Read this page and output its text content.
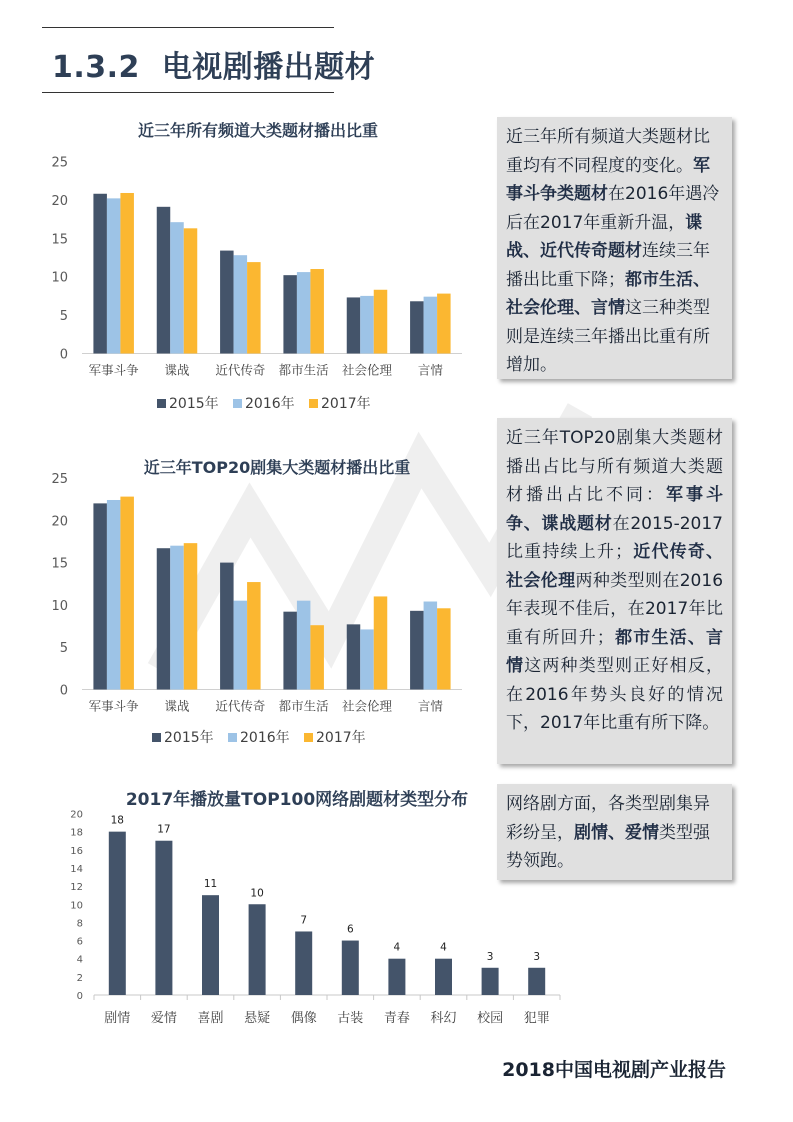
1.3.2 电视剧播出题材
近三年所有频道大类题材播出比重
0
5
10
15
20
25
军事斗争 谍战 近代传奇 都市生活 社会伦理 言情
2015年 2016年 2017年
近三年TOP20剧集大类题材播出比重
0
5
10
15
20
25
军事斗争 谍战 近代传奇 都市生活 社会伦理 言情
2015年 2016年 2017年
2017年播放量TOP100网络剧题材类型分布
0
2
4
6
8
10
12
14
16
18
20	18
剧情
17
爱情
11
喜剧
10
悬疑
7
偶像
6
古装
4
青春
4
科幻
3
校园
3
犯罪
近三年所有频道大类题材比重均有不同程度的变化。军事斗争类题材在2016年遇冷后在2017年重新升温，谍战、近代传奇题材连续三年播出比重下降；都市生活、社会伦理、言情这三种类型则是连续三年播出比重有所增加。
近三年TOP20剧集大类题材播出占比与所有频道大类题材播出占比不同：军事斗争、谍战题材在2015-2017比重持续上升；近代传奇、社会伦理两种类型则在2016年表现不佳后，在2017年比重有所回升；都市生活、言情这两种类型则正好相反，在2016年势头良好的情况下，2017年比重有所下降。
网络剧方面，各类型剧集异彩纷呈，剧情、爱情类型强势领跑。
2018中国电视剧产业报告
